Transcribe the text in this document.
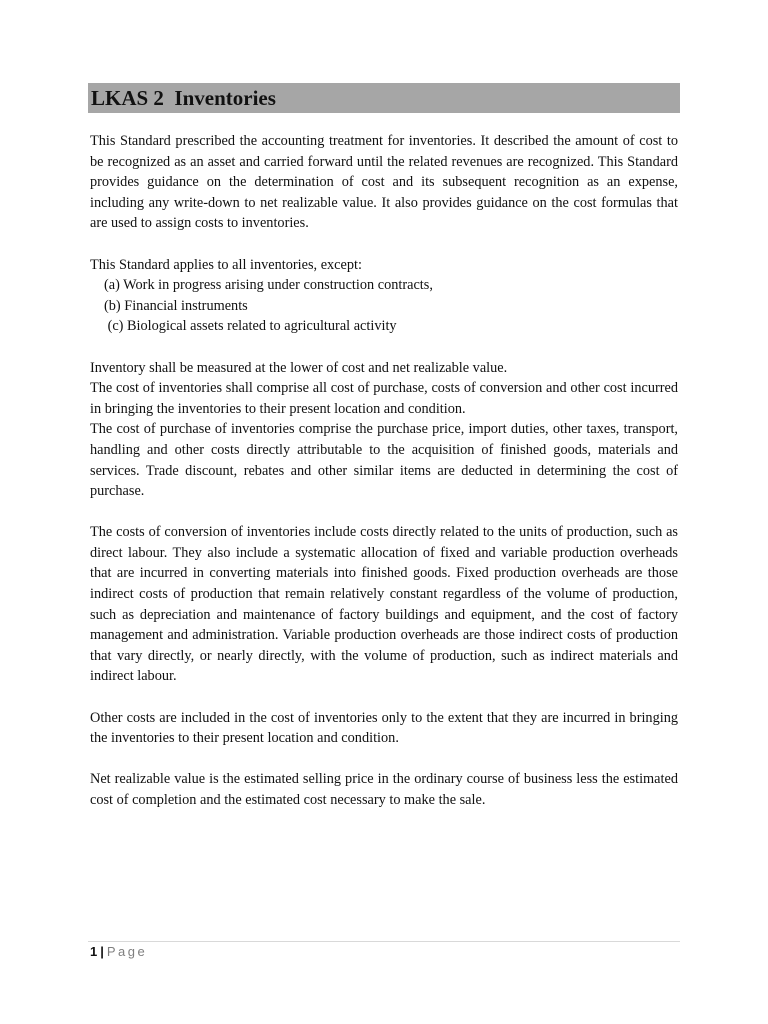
LKAS 2  Inventories

This Standard prescribed the accounting treatment for inventories. It described the amount of cost to be recognized as an asset and carried forward until the related revenues are recognized. This Standard provides guidance on the determination of cost and its subsequent recognition as an expense, including any write-down to net realizable value. It also provides guidance on the cost formulas that are used to assign costs to inventories.

This Standard applies to all inventories, except:

(a) Work in progress arising under construction contracts,

(b) Financial instruments

(c) Biological assets related to agricultural activity

Inventory shall be measured at the lower of cost and net realizable value.

The cost of inventories shall comprise all cost of purchase, costs of conversion and other cost incurred in bringing the inventories to their present location and condition.

The cost of purchase of inventories comprise the purchase price, import duties, other taxes, transport, handling and other costs directly attributable to the acquisition of finished goods, materials and services. Trade discount, rebates and other similar items are deducted in determining the cost of purchase.

The costs of conversion of inventories include costs directly related to the units of production, such as direct labour. They also include a systematic allocation of fixed and variable production overheads that are incurred in converting materials into finished goods. Fixed production overheads are those indirect costs of production that remain relatively constant regardless of the volume of production, such as depreciation and maintenance of factory buildings and equipment, and the cost of factory management and administration. Variable production overheads are those indirect costs of production that vary directly, or nearly directly, with the volume of production, such as indirect materials and indirect labour.

Other costs are included in the cost of inventories only to the extent that they are incurred in bringing the inventories to their present location and condition.

Net realizable value is the estimated selling price in the ordinary course of business less the estimated cost of completion and the estimated cost necessary to make the sale.

1 | Page
